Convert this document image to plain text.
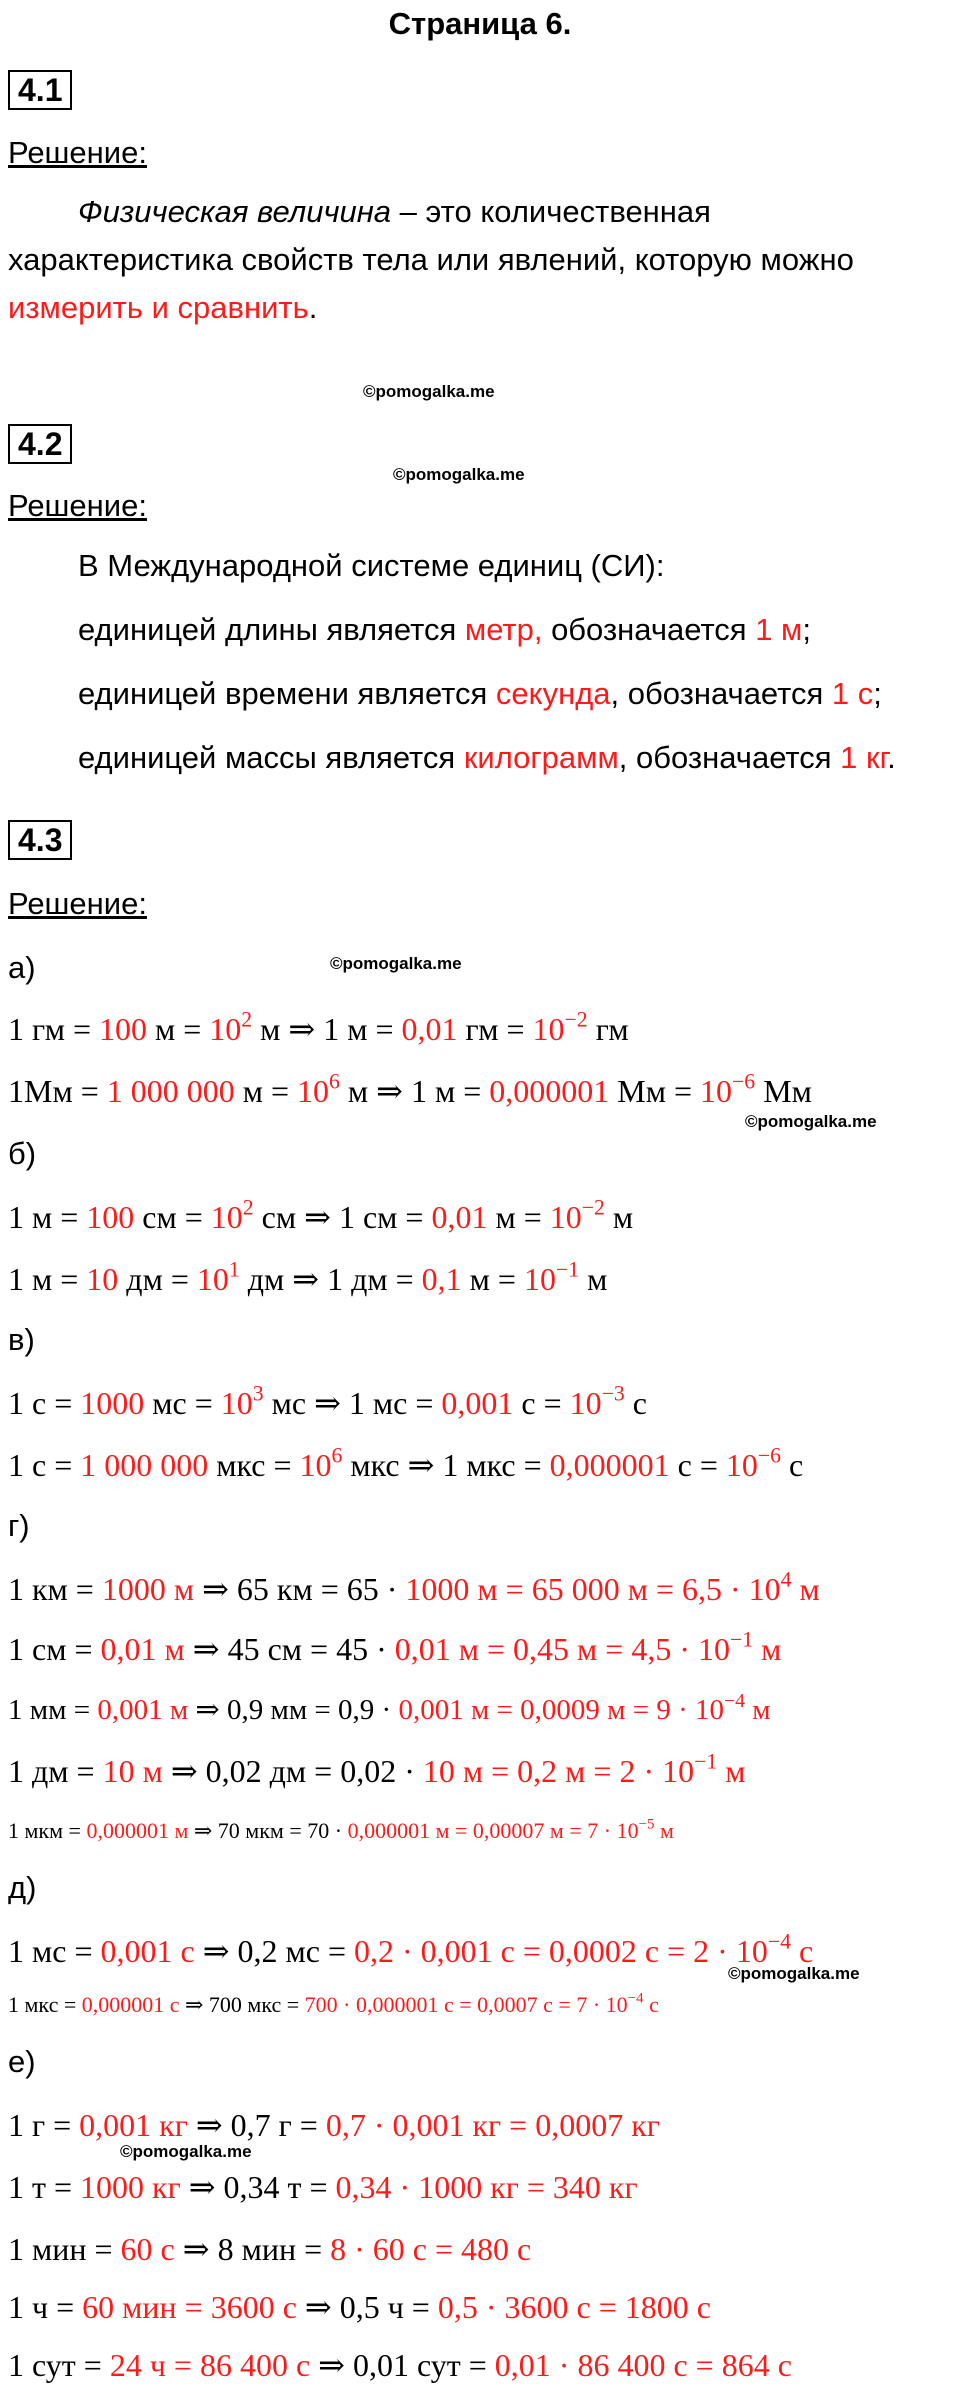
Страница 6.
4.1
Решение:
Физическая величина – это количественная
характеристика свойств тела или явлений, которую можно
измерить и сравнить.
©pomogalka.me
4.2
©pomogalka.me
Решение:
В Международной системе единиц (СИ):
единицей длины является метр, обозначается 1 м;
единицей времени является секунда, обозначается 1 с;
единицей массы является килограмм, обозначается 1 кг.
4.3
Решение:
а)	©pomogalka.me
1 гм = 100 $м = 10^2$ м ⇒ 1 м = 0,01 гм = $10^{-2}$ гм
1Мм = 1 000 000 $м = 10^6$ м ⇒ 1 м = 0,000001 Мм = $10^{-6}$ Мм
©pomogalka.me
б)
1 м = 100 см = $10^2$ см ⇒ 1 см = 0,01 $м = 10^{-2}$ м
1 м = 10 дм = $10^1$ дм ⇒ 1 дм = 0,1 $м = 10^{-1}$ м
в)
1 с = 1000 мс = $10^3$ мс ⇒ 1 мс = 0,001 $с = 10^{-3}$ с
1 с = 1 000 000 мкс = $10^6$ мкс ⇒ 1 мкс = 0,000001 $с = 10^{-6}$ с
г)
1 км = 1000 м ⇒ 65 км = 65 · 1000 м = 65 000 $м = 6,5 \cdot 10^4$ м
1 см = 0,01 м ⇒ 45 см = 45 · 0,01 м = 0,45 $м = 4,5 \cdot 10^{-1}$ м
1 мм = 0,001 м ⇒ 0,9 мм = 0,9 · 0,001 м = 0,0009 $м = 9 \cdot 10^{-4}$ м
1 дм = 10 м ⇒ 0,02 дм = 0,02 · 10 м = 0,2 $м = 2 \cdot 10^{-1}$ м
1 мкм = 0,000001 м ⇒ 70 мкм = 70 · 0,000001 м = 0,00007 $м = 7 \cdot 10^{-5}$ м
д)
1 мс = 0,001 с ⇒ 0,2 мс = 0,2 · 0,001 с = 0,0002 $с = 2 \cdot 10^{-4}$ с
©pomogalka.me
1 мкс = 0,000001 с ⇒ 700 мкс = 700 · 0,000001 с = 0,0007 $с = 7 \cdot 10^{-4}$ с
е)
1 г = 0,001 кг ⇒ 0,7 г = 0,7 · 0,001 кг = 0,0007 кг
©pomogalka.me
1 т = 1000 кг ⇒ 0,34 т = 0,34 · 1000 кг = 340 кг
1 мин = 60 с ⇒ 8 мин = 8 · 60 с = 480 с
1 ч = 60 мин = 3600 с ⇒ 0,5 ч = 0,5 · 3600 с = 1800 с
1 сут = 24 ч = 86 400 с ⇒ 0,01 сут = 0,01 · 86 400 с = 864 с
